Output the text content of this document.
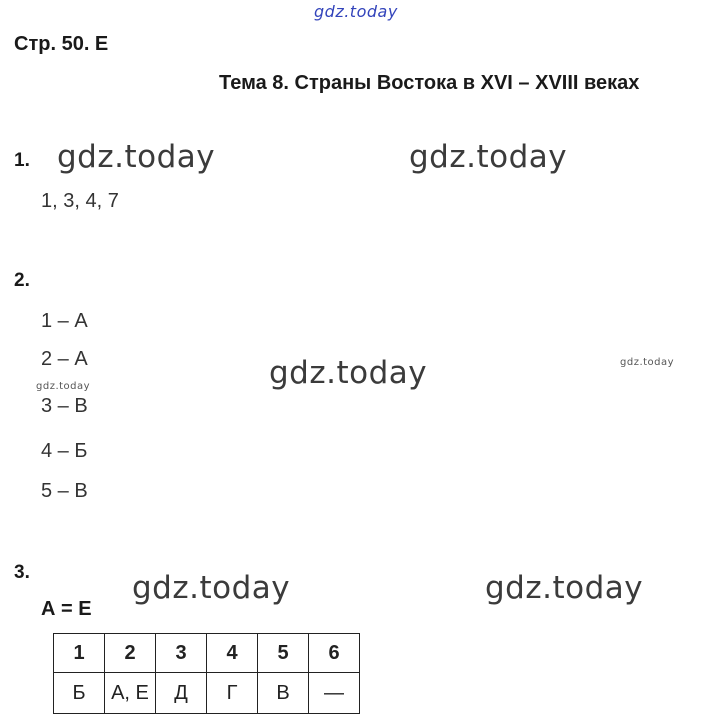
gdz.today
gdz.today	gdz.today
gdz.today	gdz.today
gdz.today
gdz.today	gdz.today
Стр. 50. Е
Тема 8. Страны Востока в XVI – XVIII веках
1.
1, 3, 4, 7
2.
1 – А
2 – А
3 – В
4 – Б
5 – В
3.
А = Е
1	2	3	4	5	6
Б	А, Е	Д	Г	В	—
